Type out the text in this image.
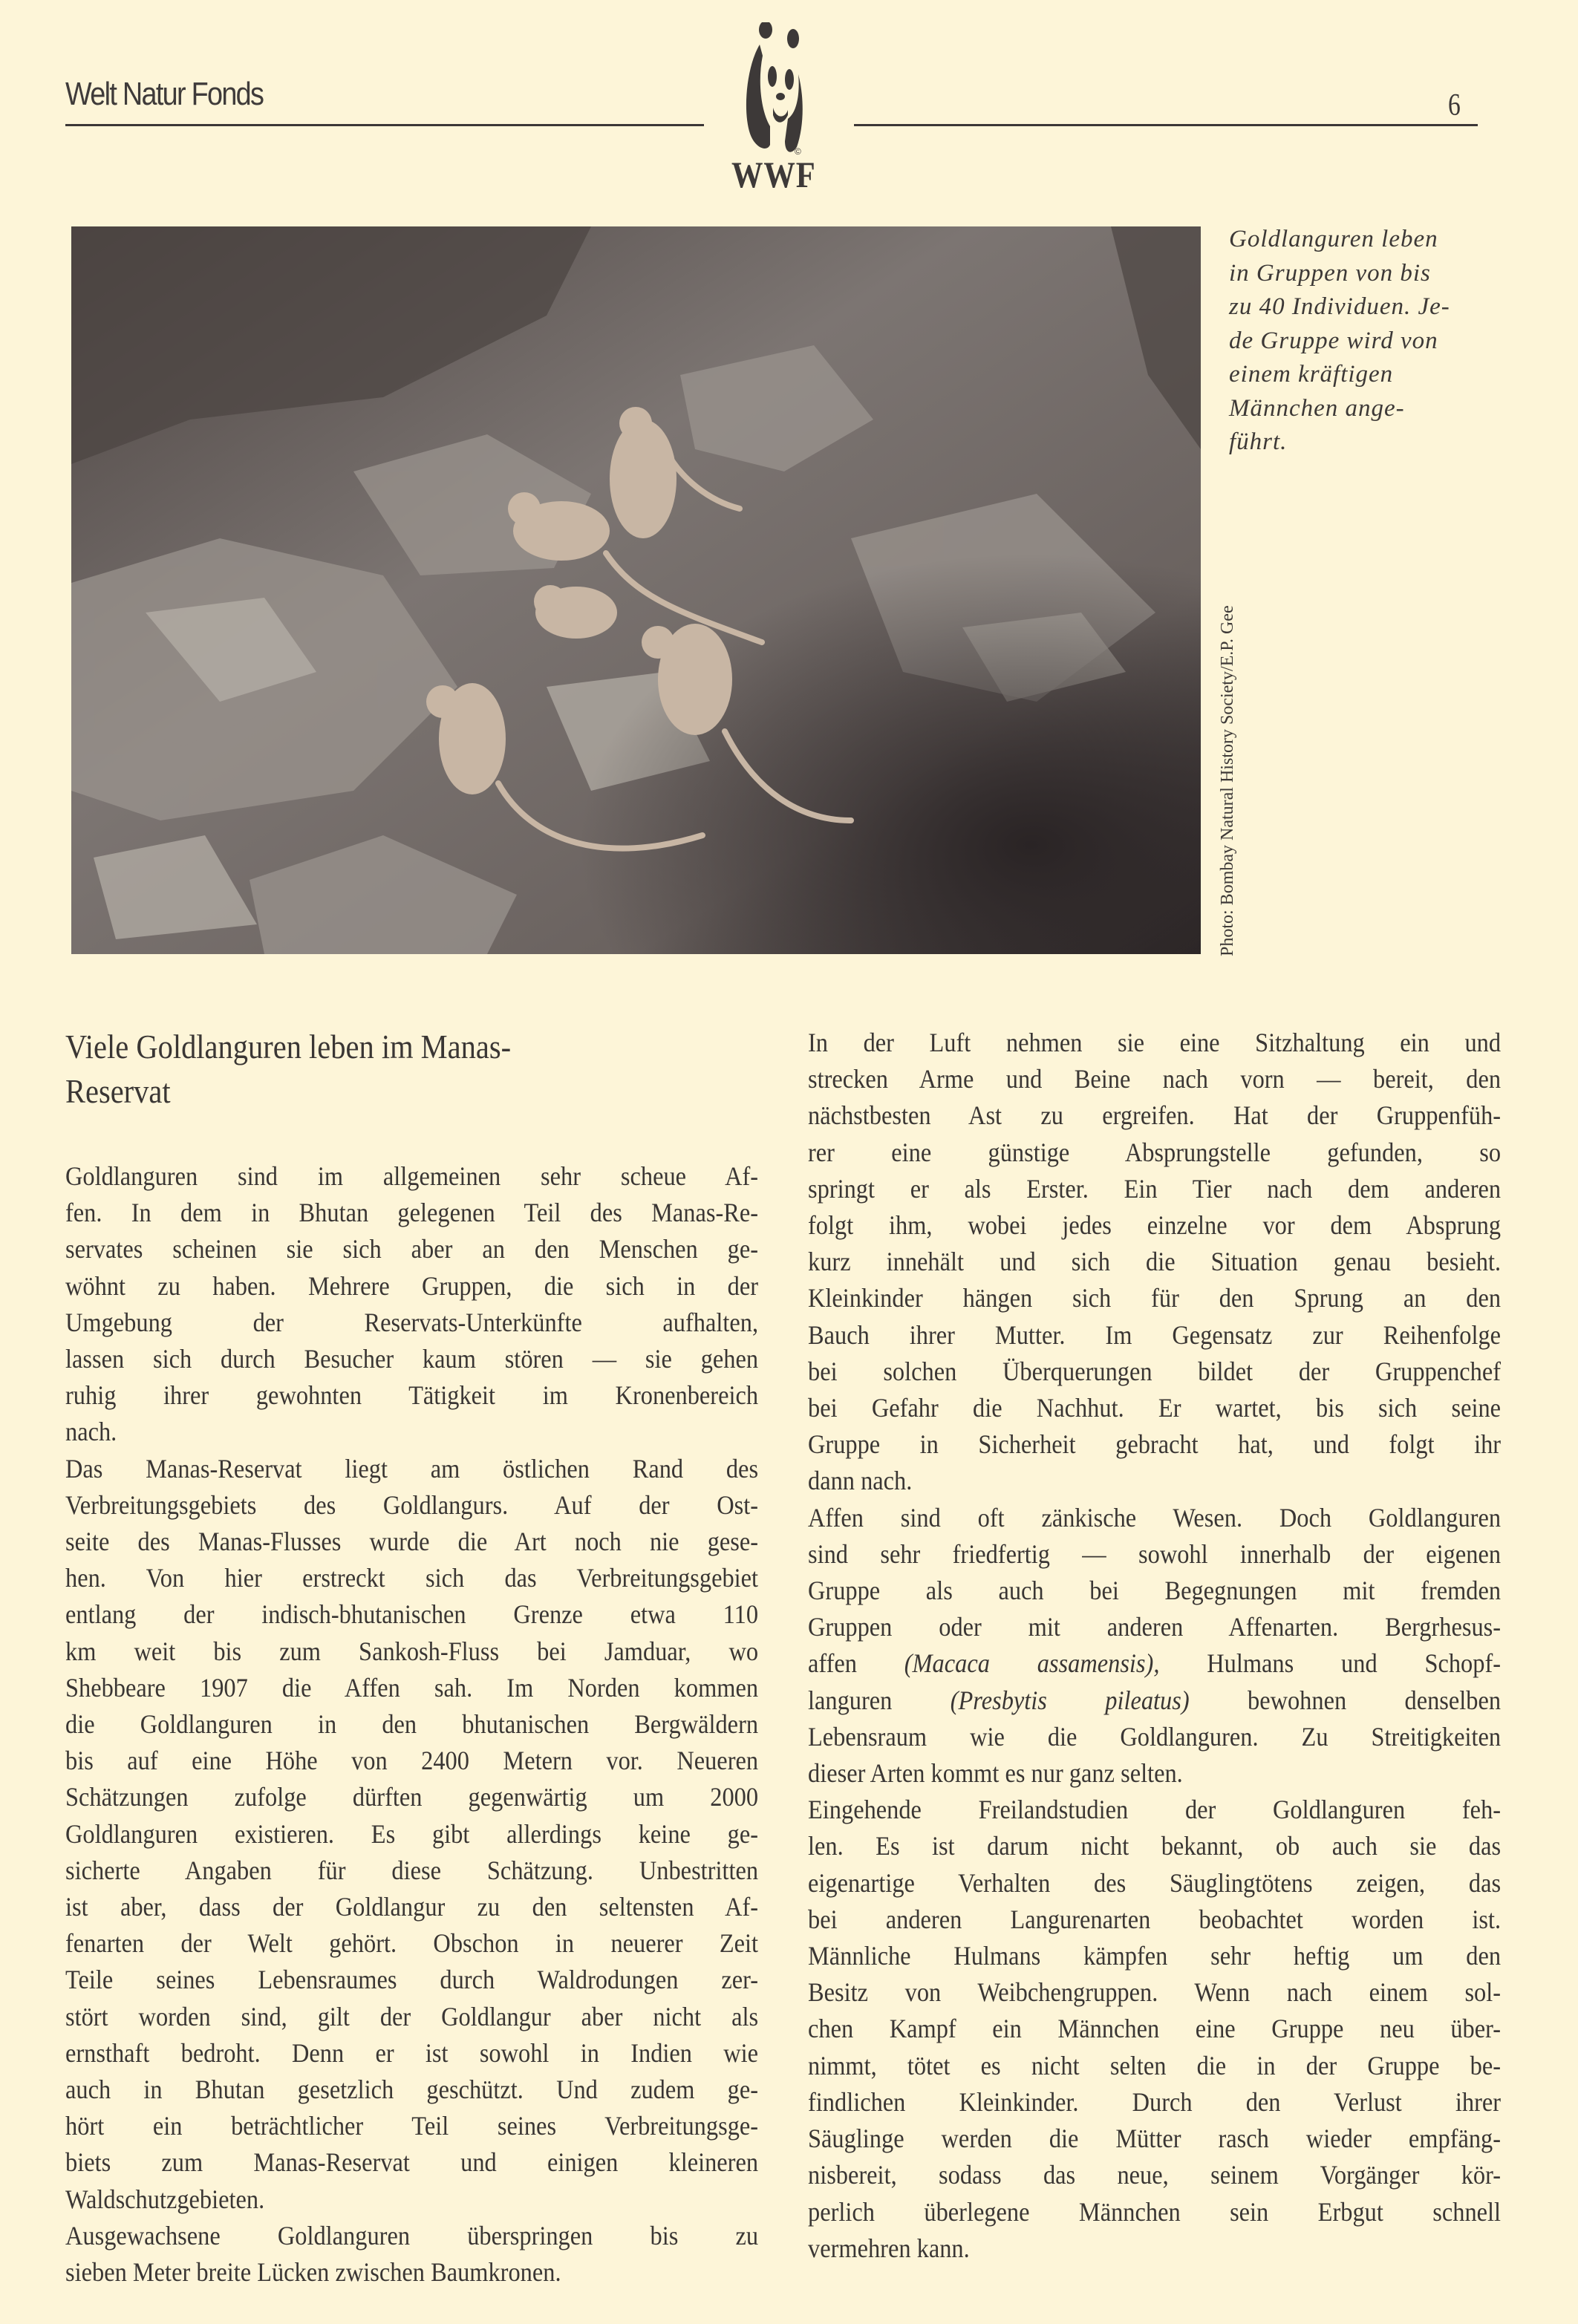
Welt Natur Fonds	6
©
WWF
Goldlanguren leben
in Gruppen von bis
zu 40 Individuen. Je-
de Gruppe wird von
einem kräftigen
Männchen ange-
führt.
Photo: Bombay Natural History Society/E.P. Gee
Viele Goldlanguren leben im Manas-
Reservat
Goldlanguren sind im allgemeinen sehr scheue Af-
fen. In dem in Bhutan gelegenen Teil des Manas-Re-
servates scheinen sie sich aber an den Menschen ge-
wöhnt zu haben. Mehrere Gruppen, die sich in der
Umgebung der Reservats-Unterkünfte aufhalten,
lassen sich durch Besucher kaum stören — sie gehen
ruhig ihrer gewohnten Tätigkeit im Kronenbereich
nach.
Das Manas-Reservat liegt am östlichen Rand des
Verbreitungsgebiets des Goldlangurs. Auf der Ost-
seite des Manas-Flusses wurde die Art noch nie gese-
hen. Von hier erstreckt sich das Verbreitungsgebiet
entlang der indisch-bhutanischen Grenze etwa 110
km weit bis zum Sankosh-Fluss bei Jamduar, wo
Shebbeare 1907 die Affen sah. Im Norden kommen
die Goldlanguren in den bhutanischen Bergwäldern
bis auf eine Höhe von 2400 Metern vor. Neueren
Schätzungen zufolge dürften gegenwärtig um 2000
Goldlanguren existieren. Es gibt allerdings keine ge-
sicherte Angaben für diese Schätzung. Unbestritten
ist aber, dass der Goldlangur zu den seltensten Af-
fenarten der Welt gehört. Obschon in neuerer Zeit
Teile seines Lebensraumes durch Waldrodungen zer-
stört worden sind, gilt der Goldlangur aber nicht als
ernsthaft bedroht. Denn er ist sowohl in Indien wie
auch in Bhutan gesetzlich geschützt. Und zudem ge-
hört ein beträchtlicher Teil seines Verbreitungsge-
biets zum Manas-Reservat und einigen kleineren
Waldschutzgebieten.
Ausgewachsene Goldlanguren überspringen bis zu
sieben Meter breite Lücken zwischen Baumkronen.
In der Luft nehmen sie eine Sitzhaltung ein und
strecken Arme und Beine nach vorn — bereit, den
nächstbesten Ast zu ergreifen. Hat der Gruppenfüh-
rer eine günstige Absprungstelle gefunden, so
springt er als Erster. Ein Tier nach dem anderen
folgt ihm, wobei jedes einzelne vor dem Absprung
kurz innehält und sich die Situation genau besieht.
Kleinkinder hängen sich für den Sprung an den
Bauch ihrer Mutter. Im Gegensatz zur Reihenfolge
bei solchen Überquerungen bildet der Gruppenchef
bei Gefahr die Nachhut. Er wartet, bis sich seine
Gruppe in Sicherheit gebracht hat, und folgt ihr
dann nach.
Affen sind oft zänkische Wesen. Doch Goldlanguren
sind sehr friedfertig — sowohl innerhalb der eigenen
Gruppe als auch bei Begegnungen mit fremden
Gruppen oder mit anderen Affenarten. Bergrhesus-
affen (Macaca assamensis), Hulmans und Schopf-
languren (Presbytis pileatus) bewohnen denselben
Lebensraum wie die Goldlanguren. Zu Streitigkeiten
dieser Arten kommt es nur ganz selten.
Eingehende Freilandstudien der Goldlanguren feh-
len. Es ist darum nicht bekannt, ob auch sie das
eigenartige Verhalten des Säuglingtötens zeigen, das
bei anderen Langurenarten beobachtet worden ist.
Männliche Hulmans kämpfen sehr heftig um den
Besitz von Weibchengruppen. Wenn nach einem sol-
chen Kampf ein Männchen eine Gruppe neu über-
nimmt, tötet es nicht selten die in der Gruppe be-
findlichen Kleinkinder. Durch den Verlust ihrer
Säuglinge werden die Mütter rasch wieder empfäng-
nisbereit, sodass das neue, seinem Vorgänger kör-
perlich überlegene Männchen sein Erbgut schnell
vermehren kann.
